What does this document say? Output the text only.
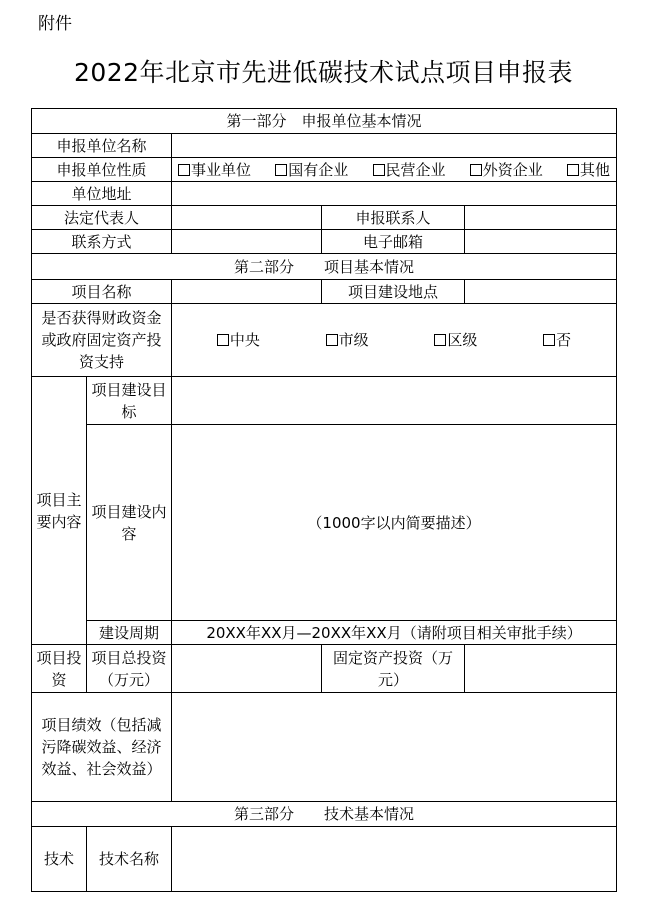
附件
2022年北京市先进低碳技术试点项目申报表
第一部分　申报单位基本情况				
申报单位名称				
申报单位性质		事业单位 国有企业 民营企业 外资企业 其他		

单位地址				
法定代表人			申报联系人	
联系方式			电子邮箱	
第二部分　　项目基本情况				
项目名称			项目建设地点	
是否获得财政资金或政府固定资产投资支持		中央 市级 区级 否		

项目主要内容	项目建设目标			
	项目建设内容	（1000字以内简要描述）		
	建设周期	20XX年XX月—20XX年XX月（请附项目相关审批手续）		
项目投资	项目总投资（万元）		固定资产投资（万元）	
项目绩效（包括减污降碳效益、经济效益、社会效益）				
第三部分　　技术基本情况				
技术	技术名称			
